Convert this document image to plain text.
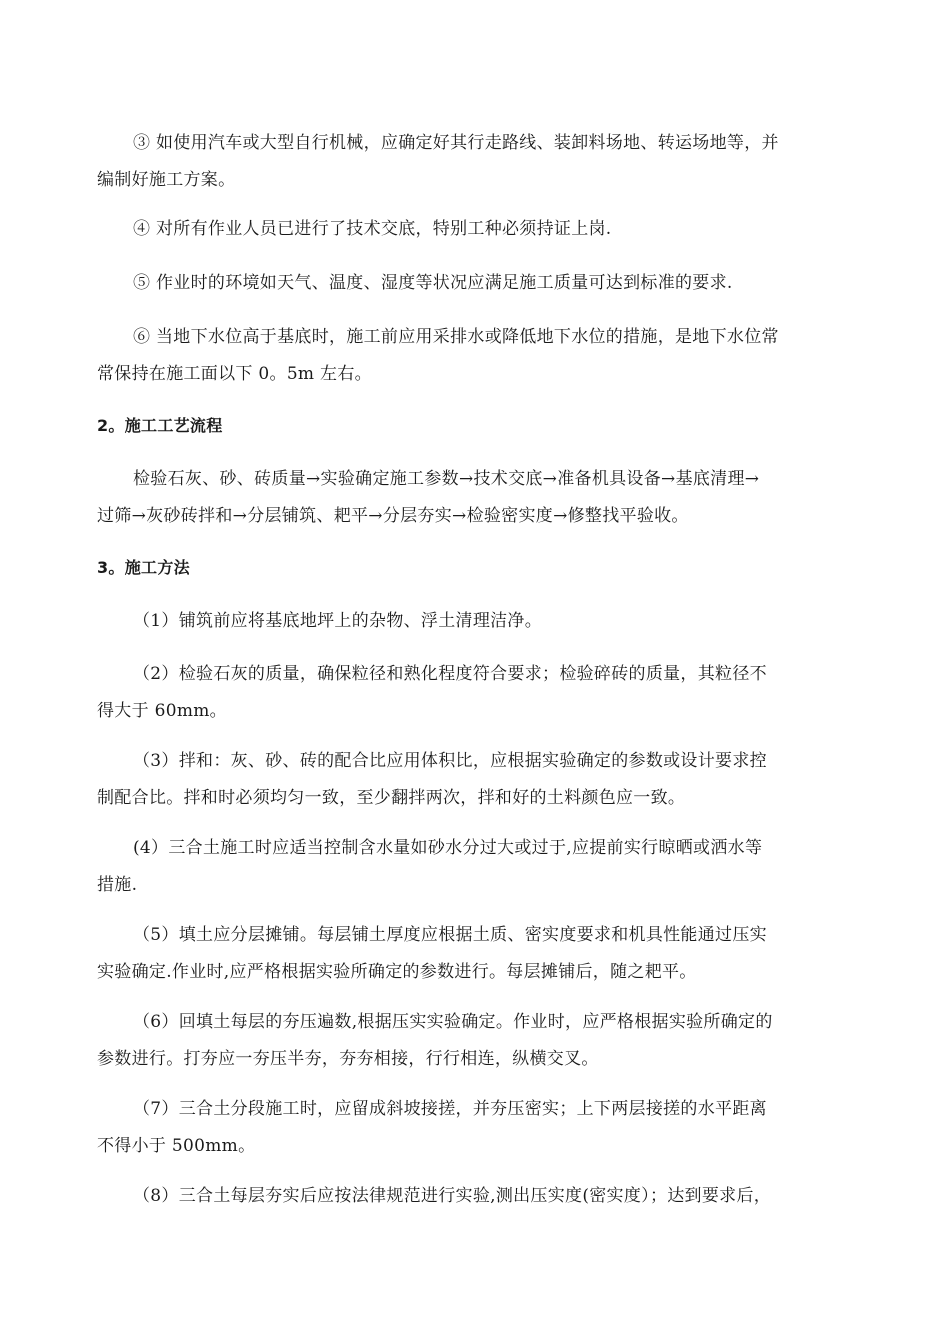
③ 如使用汽车或大型自行机械，应确定好其行走路线、装卸料场地、转运场地等，并
编制好施工方案。
④ 对所有作业人员已进行了技术交底，特别工种必须持证上岗.
⑤ 作业时的环境如天气、温度、湿度等状况应满足施工质量可达到标准的要求.
⑥ 当地下水位高于基底时，施工前应用采排水或降低地下水位的措施，是地下水位常
常保持在施工面以下 0。5m 左右。
2。施工工艺流程
检验石灰、砂、砖质量→实验确定施工参数→技术交底→准备机具设备→基底清理→
过筛→灰砂砖拌和→分层铺筑、耙平→分层夯实→检验密实度→修整找平验收。
3。施工方法
（1）铺筑前应将基底地坪上的杂物、浮土清理洁净。
（2）检验石灰的质量，确保粒径和熟化程度符合要求；检验碎砖的质量，其粒径不
得大于 60mm。
（3）拌和：灰、砂、砖的配合比应用体积比，应根据实验确定的参数或设计要求控
制配合比。拌和时必须均匀一致，至少翻拌两次，拌和好的土料颜色应一致。
(4）三合土施工时应适当控制含水量如砂水分过大或过于,应提前实行晾晒或洒水等
措施.
（5）填土应分层摊铺。每层铺土厚度应根据土质、密实度要求和机具性能通过压实
实验确定.作业时,应严格根据实验所确定的参数进行。每层摊铺后，随之耙平。
（6）回填土每层的夯压遍数,根据压实实验确定。作业时，应严格根据实验所确定的
参数进行。打夯应一夯压半夯，夯夯相接，行行相连，纵横交叉。
（7）三合土分段施工时，应留成斜坡接搓，并夯压密实；上下两层接搓的水平距离
不得小于 500mm。
（8）三合土每层夯实后应按法律规范进行实验,测出压实度(密实度）；达到要求后，
